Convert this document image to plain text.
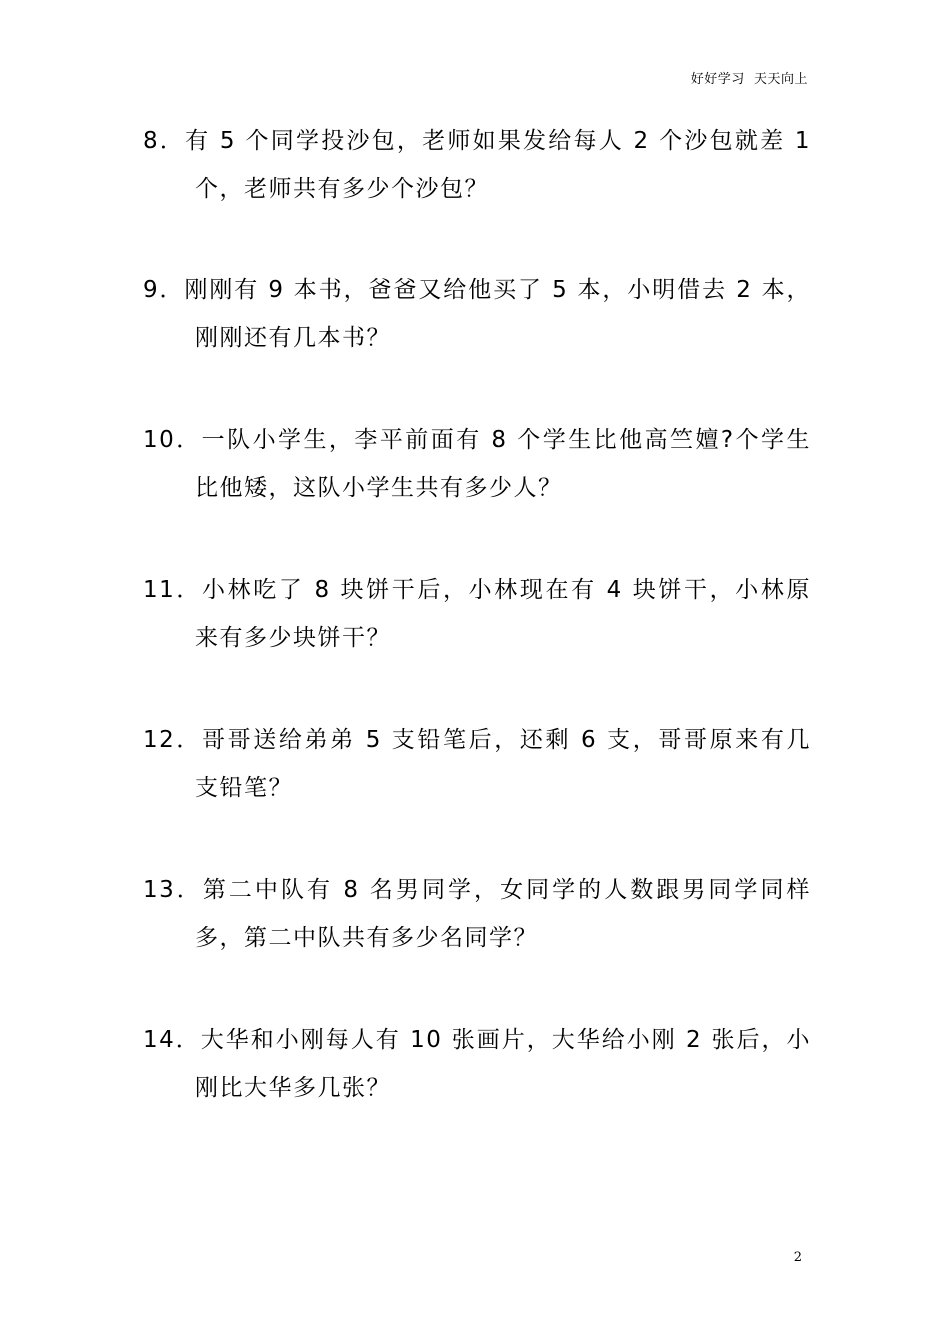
好好学习  天天向上
8．有 5 个同学投沙包，老师如果发给每人 2 个沙包就差 1
个，老师共有多少个沙包？
9．刚刚有 9 本书，爸爸又给他买了 5 本，小明借去 2 本，
刚刚还有几本书？
10．一队小学生，李平前面有 8 个学生比他高竺嬗?个学生
比他矮，这队小学生共有多少人？
11．小林吃了 8 块饼干后，小林现在有 4 块饼干，小林原
来有多少块饼干？
12．哥哥送给弟弟 5 支铅笔后，还剩 6 支，哥哥原来有几
支铅笔？
13．第二中队有 8 名男同学，女同学的人数跟男同学同样
多，第二中队共有多少名同学？
14．大华和小刚每人有 10 张画片，大华给小刚 2 张后，小
刚比大华多几张？
2
